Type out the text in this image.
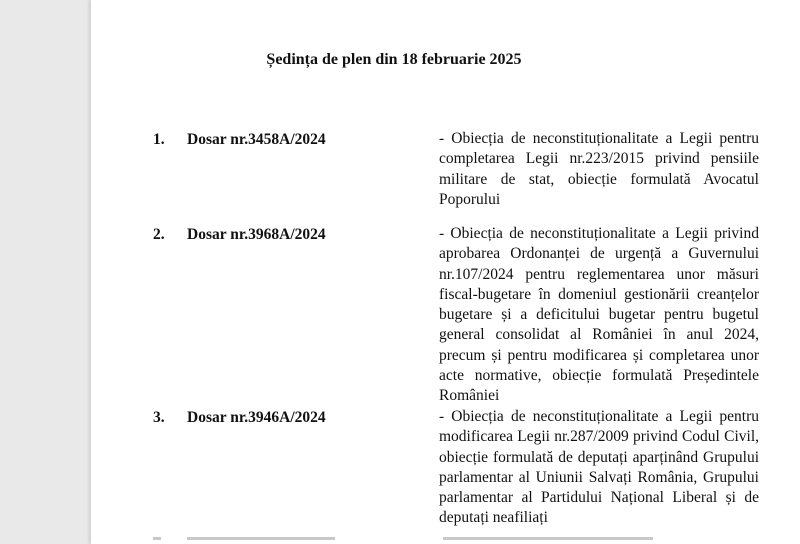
Ședința de plen din 18 februarie 2025
1. Dosar nr.3458A/2024	- Obiecția de neconstituționalitate a Legii pentru completarea Legii nr.223/2015 privind pensiile militare de stat, obiecție formulată Avocatul Poporului
2. Dosar nr.3968A/2024	- Obiecția de neconstituționalitate a Legii privind aprobarea Ordonanței de urgență a Guvernului nr.107/2024 pentru reglementarea unor măsuri fiscal-bugetare în domeniul gestionării creanțelor bugetare și a deficitului bugetar pentru bugetul general consolidat al României în anul 2024, precum și pentru modificarea și completarea unor acte normative, obiecție formulată Președintele României
3. Dosar nr.3946A/2024	- Obiecția de neconstituționalitate a Legii pentru modificarea Legii nr.287/2009 privind Codul Civil, obiecție formulată de deputați aparținând Grupului parlamentar al Uniunii Salvați România, Grupului parlamentar al Partidului Național Liberal și de deputați neafiliați
